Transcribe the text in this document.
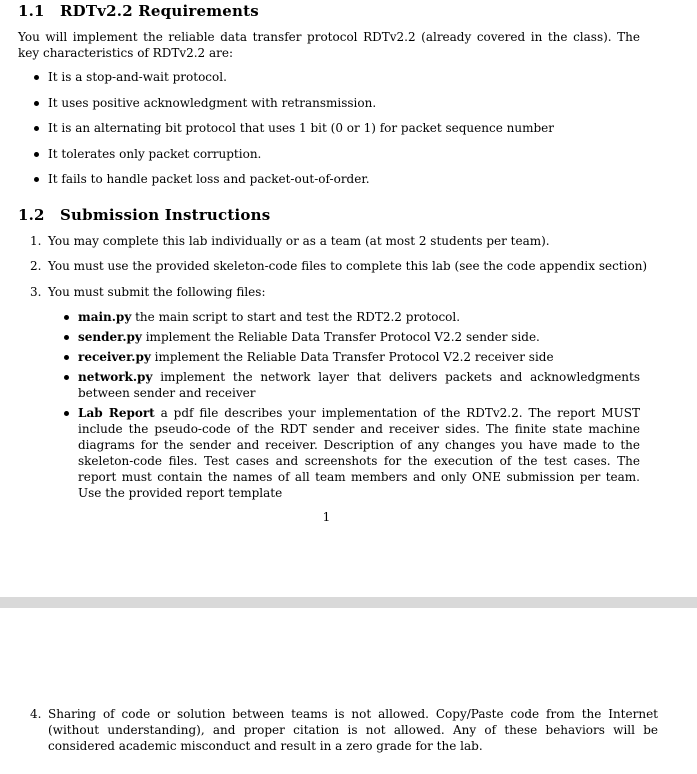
1.1 RDTv2.2 Requirements
You will implement the reliable data transfer protocol RDTv2.2 (already covered in the class). The key characteristics of RDTv2.2 are:
It is a stop-and-wait protocol.
It uses positive acknowledgment with retransmission.
It is an alternating bit protocol that uses 1 bit (0 or 1) for packet sequence number
It tolerates only packet corruption.
It fails to handle packet loss and packet-out-of-order.
1.2 Submission Instructions
1. You may complete this lab individually or as a team (at most 2 students per team).
2. You must use the provided skeleton-code files to complete this lab (see the code appendix section)
3. You must submit the following files:
main.py the main script to start and test the RDT2.2 protocol.
sender.py implement the Reliable Data Transfer Protocol V2.2 sender side.
receiver.py implement the Reliable Data Transfer Protocol V2.2 receiver side
network.py implement the network layer that delivers packets and acknowledgments between sender and receiver
Lab Report a pdf file describes your implementation of the RDTv2.2. The report MUST include the pseudo-code of the RDT sender and receiver sides. The finite state machine diagrams for the sender and receiver. Description of any changes you have made to the skeleton-code files. Test cases and screenshots for the execution of the test cases. The report must contain the names of all team members and only ONE submission per team. Use the provided report template
1
4. Sharing of code or solution between teams is not allowed. Copy/Paste code from the Internet (without understanding), and proper citation is not allowed. Any of these behaviors will be considered academic misconduct and result in a zero grade for the lab.
